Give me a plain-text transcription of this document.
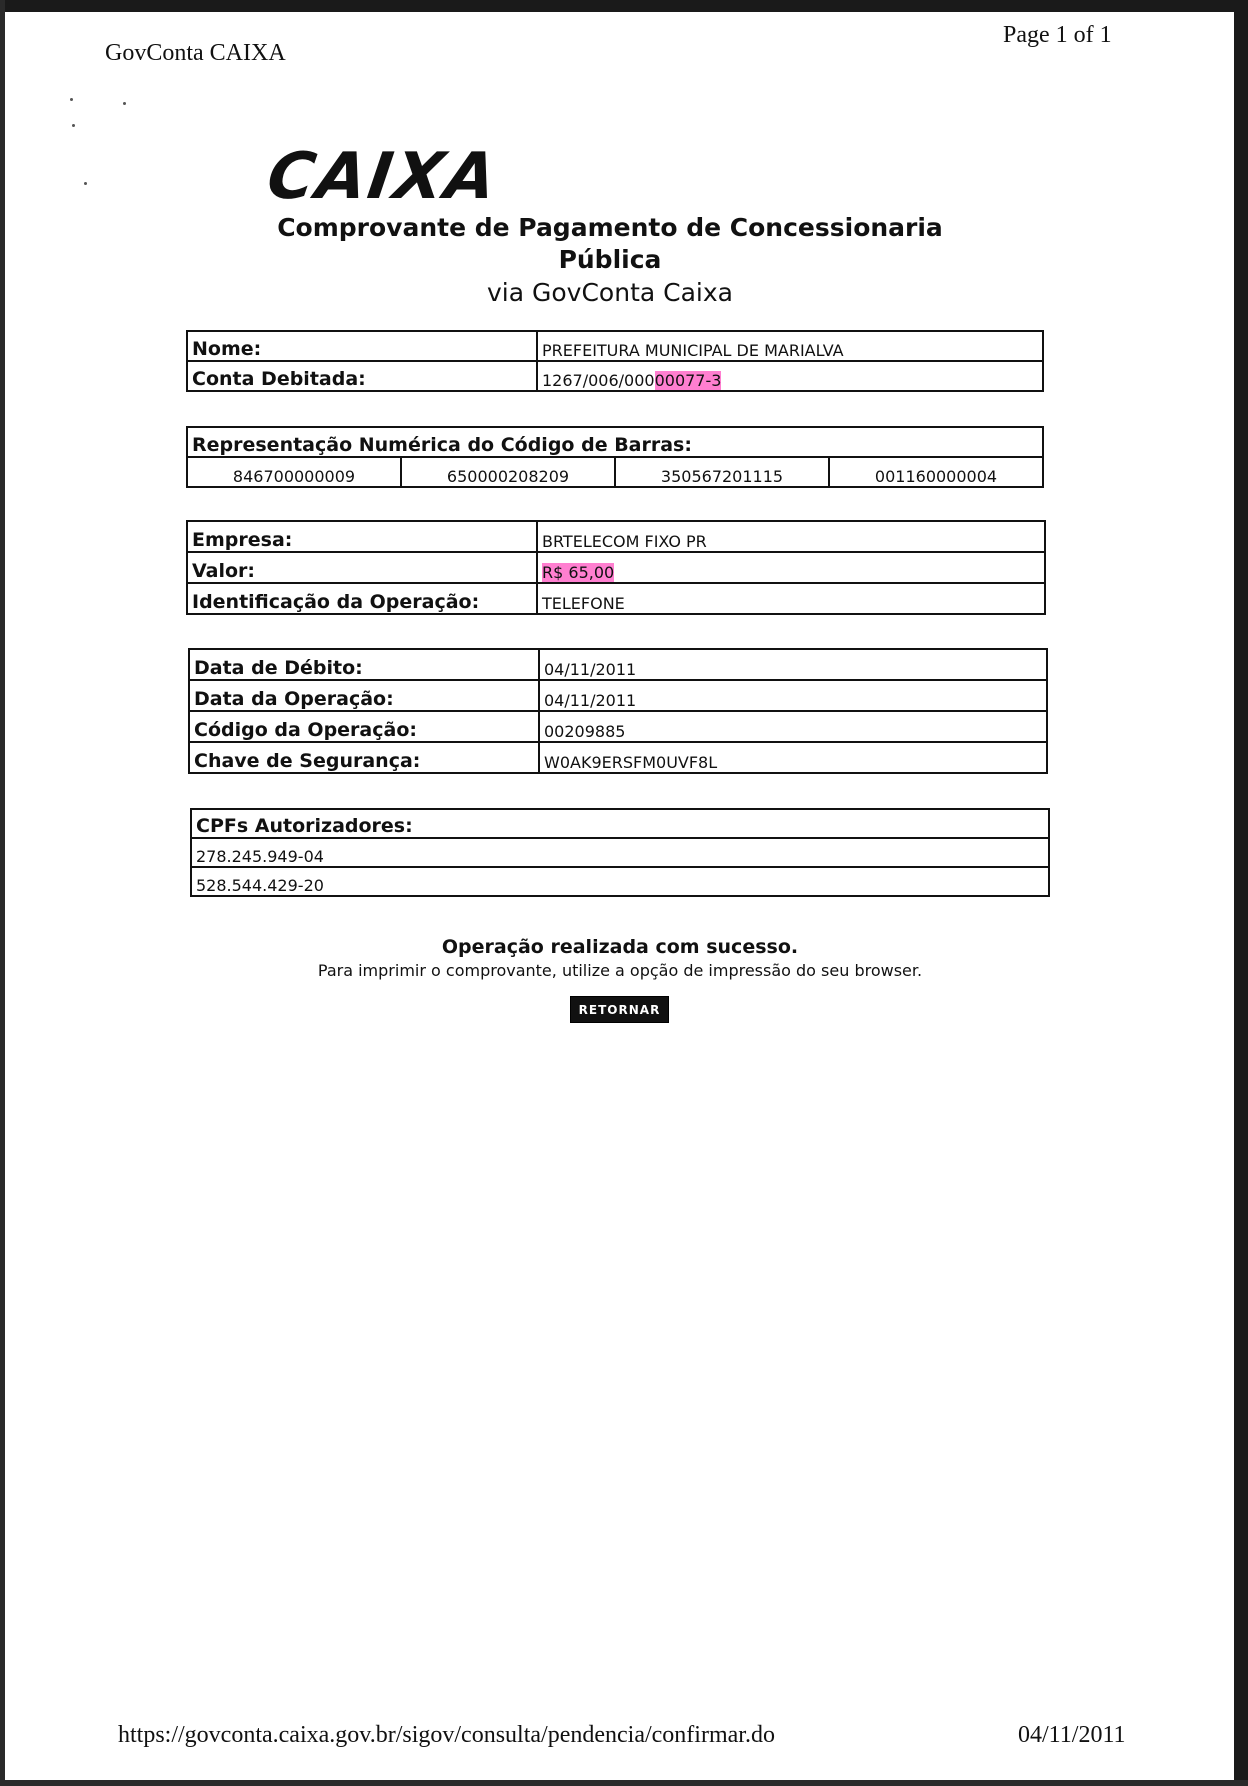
GovConta CAIXA
Page 1 of 1
CAIXA
Comprovante de Pagamento de Concessionaria
Pública
via GovConta Caixa
Nome:	PREFEITURA MUNICIPAL DE MARIALVA
Conta Debitada:	1267/006/00000077-3
Representação Numérica do Código de Barras:
846700000009	650000208209	350567201115	001160000004
Empresa:	BRTELECOM FIXO PR
Valor:	R$ 65,00
Identificação da Operação:	TELEFONE
Data de Débito:	04/11/2011
Data da Operação:	04/11/2011
Código da Operação:	00209885
Chave de Segurança:	W0AK9ERSFM0UVF8L
CPFs Autorizadores:
278.245.949-04
528.544.429-20
Operação realizada com sucesso.
Para imprimir o comprovante, utilize a opção de impressão do seu browser.
RETORNAR
https://govconta.caixa.gov.br/sigov/consulta/pendencia/confirmar.do	04/11/2011
